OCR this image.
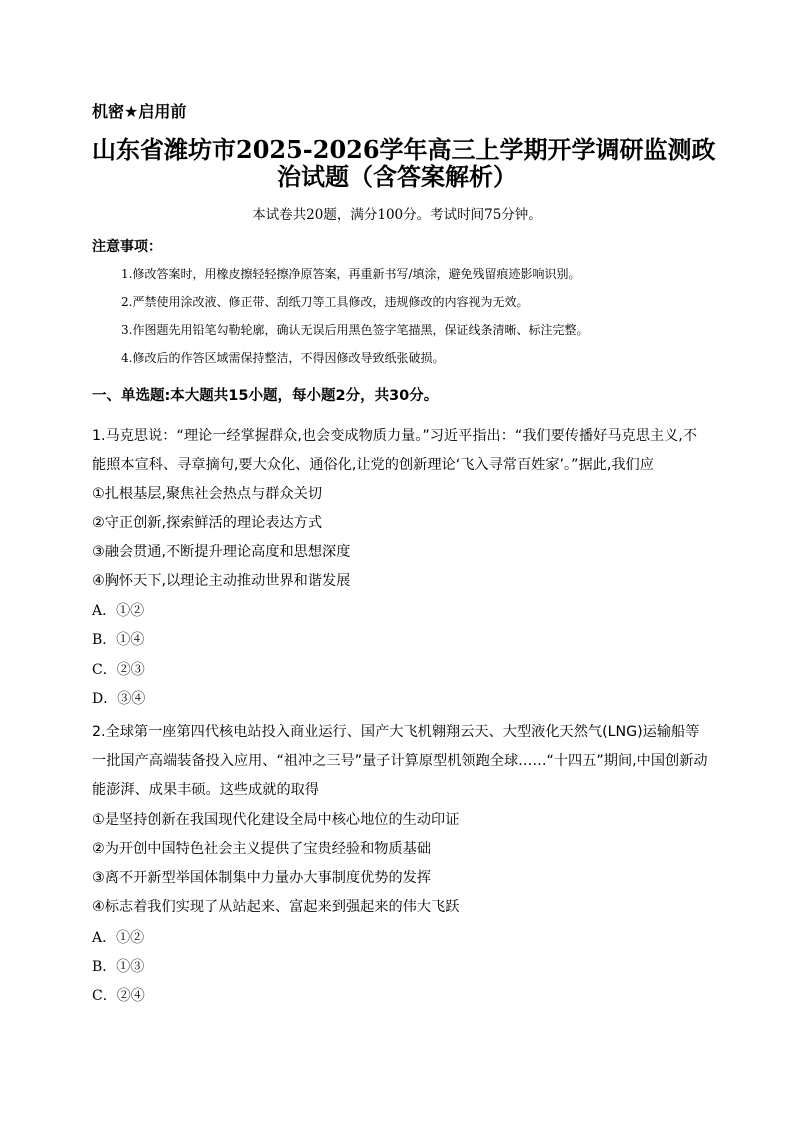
机密★启用前
山东省潍坊市2025-2026学年高三上学期开学调研监测政
治试题（含答案解析）
本试卷共20题，满分100分。考试时间75分钟。
注意事项：
1.修改答案时，用橡皮擦轻轻擦净原答案，再重新书写/填涂，避免残留痕迹影响识别。
2.严禁使用涂改液、修正带、刮纸刀等工具修改，违规修改的内容视为无效。
3.作图题先用铅笔勾勒轮廓，确认无误后用黑色签字笔描黑，保证线条清晰、标注完整。
4.修改后的作答区域需保持整洁，不得因修改导致纸张破损。
一、单选题:本大题共15小题，每小题2分，共30分。
1.马克思说：“理论一经掌握群众,也会变成物质力量。”习近平指出：“我们要传播好马克思主义,不
能照本宣科、寻章摘句,要大众化、通俗化,让党的创新理论‘飞入寻常百姓家’。”据此,我们应
①扎根基层,聚焦社会热点与群众关切
②守正创新,探索鲜活的理论表达方式
③融会贯通,不断提升理论高度和思想深度
④胸怀天下,以理论主动推动世界和谐发展
A．①②
B．①④
C．②③
D．③④
2.全球第一座第四代核电站投入商业运行、国产大飞机翱翔云天、大型液化天然气(LNG)运输船等
一批国产高端装备投入应用、“祖冲之三号”量子计算原型机领跑全球……“十四五”期间,中国创新动
能澎湃、成果丰硕。这些成就的取得
①是坚持创新在我国现代化建设全局中核心地位的生动印证
②为开创中国特色社会主义提供了宝贵经验和物质基础
③离不开新型举国体制集中力量办大事制度优势的发挥
④标志着我们实现了从站起来、富起来到强起来的伟大飞跃
A．①②
B．①③
C．②④
